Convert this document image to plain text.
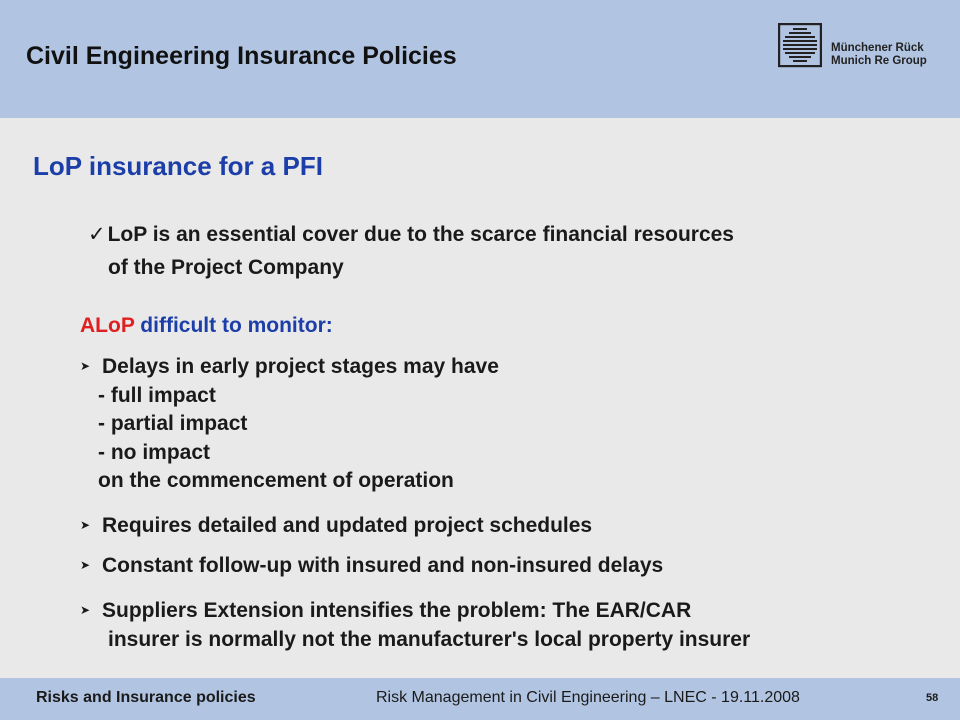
Civil Engineering Insurance Policies	Münchener Rück
Munich Re Group
LoP insurance for a PFI
✓LoP is an essential cover due to the scarce financial resources
of the Project Company
ALoP difficult to monitor:
➤ Delays in early project stages may have
- full impact
- partial impact
- no impact
on the commencement of operation
➤ Requires detailed and updated project schedules
➤ Constant follow-up with insured and non-insured delays
➤ Suppliers Extension intensifies the problem: The EAR/CAR
insurer is normally not the manufacturer's local property insurer
Risks and Insurance policies	Risk Management in Civil Engineering – LNEC - 19.11.2008	58
